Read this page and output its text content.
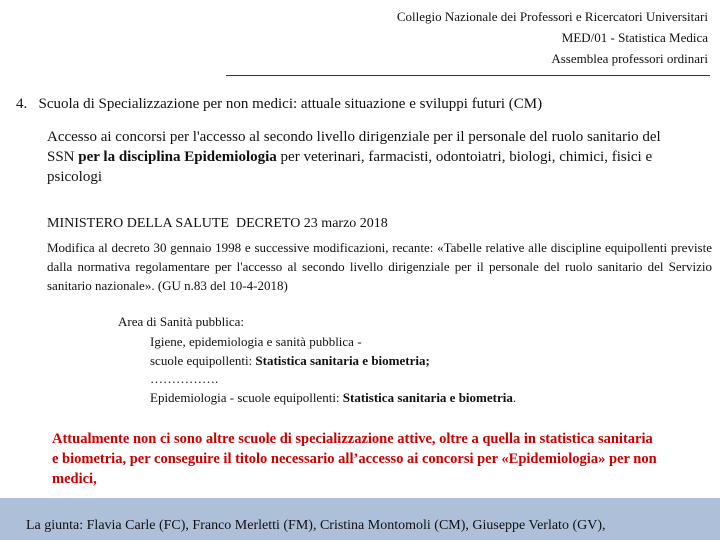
Collegio Nazionale dei Professori e Ricercatori Universitari
MED/01 - Statistica Medica
Assemblea professori ordinari
4. Scuola di Specializzazione per non medici: attuale situazione e sviluppi futuri (CM)
Accesso ai concorsi per l'accesso al secondo livello dirigenziale per il personale del ruolo sanitario del SSN per la disciplina Epidemiologia per veterinari, farmacisti, odontoiatri, biologi, chimici, fisici e psicologi
MINISTERO DELLA SALUTE DECRETO 23 marzo 2018
Modifica al decreto 30 gennaio 1998 e successive modificazioni, recante: «Tabelle relative alle discipline equipollenti previste dalla normativa regolamentare per l'accesso al secondo livello dirigenziale per il personale del ruolo sanitario del Servizio sanitario nazionale». (GU n.83 del 10-4-2018)
Area di Sanità pubblica:
Igiene, epidemiologia e sanità pubblica -
scuole equipollenti: Statistica sanitaria e biometria;
…………….
Epidemiologia - scuole equipollenti: Statistica sanitaria e biometria.
Attualmente non ci sono altre scuole di specializzazione attive, oltre a quella in statistica sanitaria e biometria, per conseguire il titolo necessario all’accesso ai concorsi per «Epidemiologia» per non medici,
La giunta: Flavia Carle (FC), Franco Merletti (FM), Cristina Montomoli (CM), Giuseppe Verlato (GV),
